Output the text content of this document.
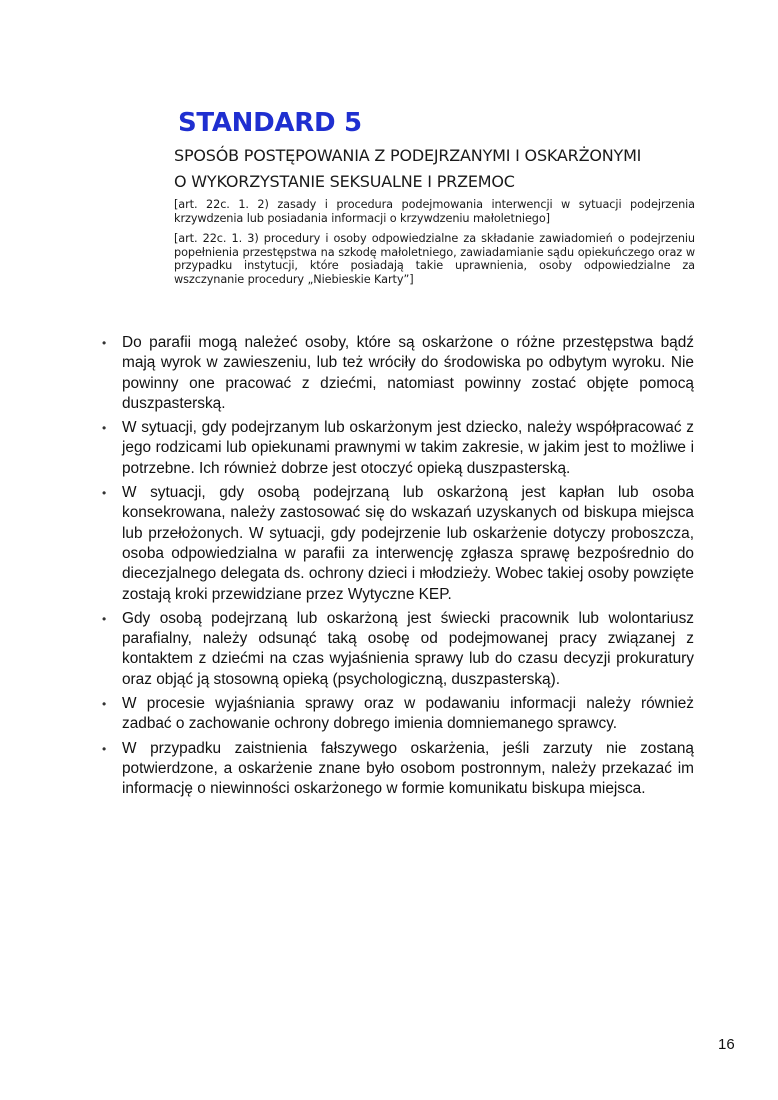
STANDARD 5
SPOSÓB POSTĘPOWANIA Z PODEJRZANYMI I OSKARŻONYMI
O WYKORZYSTANIE SEKSUALNE I PRZEMOC
[art. 22c. 1. 2) zasady i procedura podejmowania interwencji w sytuacji podejrzenia krzywdzenia lub posiadania informacji o krzywdzeniu małoletniego]
[art. 22c. 1. 3) procedury i osoby odpowiedzialne za składanie zawiadomień o podejrzeniu popełnienia przestępstwa na szkodę małoletniego, zawiadamianie sądu opiekuńczego oraz w przypadku instytucji, które posiadają takie uprawnienia, osoby odpowiedzialne za wszczynanie procedury „Niebieskie Karty”]
• Do parafii mogą należeć osoby, które są oskarżone o różne przestępstwa bądź mają wyrok w zawieszeniu, lub też wróciły do środowiska po odbytym wyroku. Nie powinny one pracować z dziećmi, natomiast powinny zostać objęte pomocą duszpasterską.
• W sytuacji, gdy podejrzanym lub oskarżonym jest dziecko, należy współpracować z jego rodzicami lub opiekunami prawnymi w takim zakresie, w jakim jest to możliwe i potrzebne. Ich również dobrze jest otoczyć opieką duszpasterską.
• W sytuacji, gdy osobą podejrzaną lub oskarżoną jest kapłan lub osoba konsekrowana, należy zastosować się do wskazań uzyskanych od biskupa miejsca lub przełożonych. W sytuacji, gdy podejrzenie lub oskarżenie dotyczy proboszcza, osoba odpowiedzialna w parafii za interwencję zgłasza sprawę bezpośrednio do diecezjalnego delegata ds. ochrony dzieci i młodzieży. Wobec takiej osoby powzięte zostają kroki przewidziane przez Wytyczne KEP.
• Gdy osobą podejrzaną lub oskarżoną jest świecki pracownik lub wolontariusz parafialny, należy odsunąć taką osobę od podejmowanej pracy związanej z kontaktem z dziećmi na czas wyjaśnienia sprawy lub do czasu decyzji prokuratury oraz objąć ją stosowną opieką (psychologiczną, duszpasterską).
• W procesie wyjaśniania sprawy oraz w podawaniu informacji należy również zadbać o zachowanie ochrony dobrego imienia domniemanego sprawcy.
• W przypadku zaistnienia fałszywego oskarżenia, jeśli zarzuty nie zostaną potwierdzone, a oskarżenie znane było osobom postronnym, należy przekazać im informację o niewinności oskarżonego w formie komunikatu biskupa miejsca.
16
